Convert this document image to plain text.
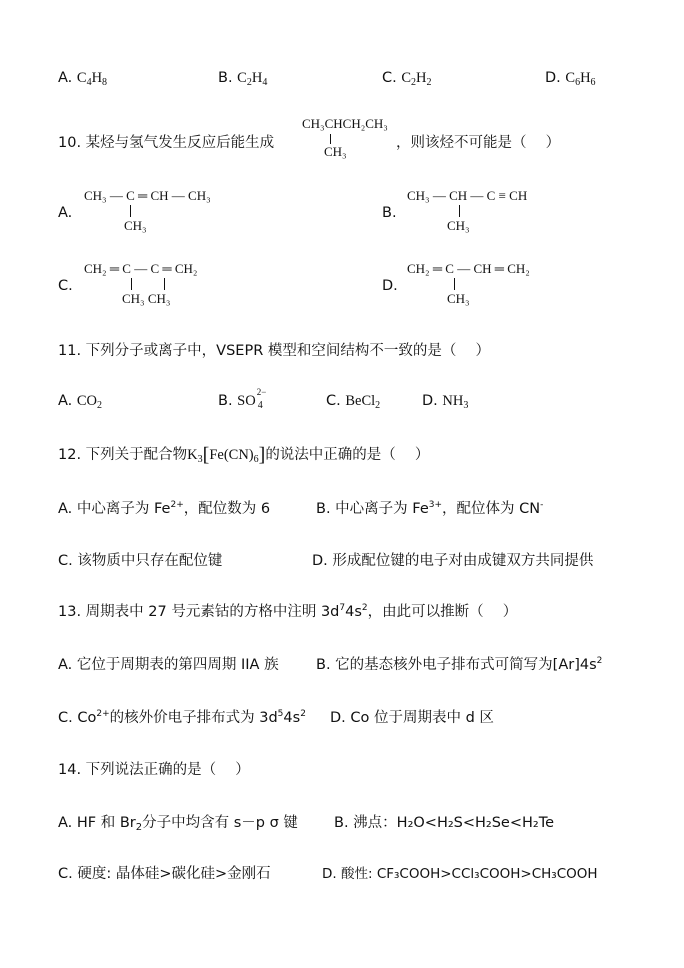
A. $C_4H_8$	B. $C_2H_4$	C. $C_2H_2$	D. $C_6H_6$
10. 某烃与氢气发生反应后能生成
CH₃CHCH₂CH₃
CH₃
，则该烃不可能是（　 ）
A.
CH₃ — C ═ CH — CH₃
CH₃
B.
CH₃ — CH — C ≡ CH
CH₃
C.
CH₂ ═ C — C ═ CH₂
CH₃ CH₃
D.
CH₂ ═ C — CH ═ CH₂
CH₃
11. 下列分子或离子中，VSEPR 模型和空间结构不一致的是（　 ）
A. $CO_2$	B. SO
2−
4	C. BeCl$_2$	D. $NH_3$
12. 下列关于配合物$K_3[Fe(CN)_6]$的说法中正确的是（　 ）
A. 中心离子为 $Fe^{2+}$，配位数为 6	B. 中心离子为 $Fe^{3+}$，配位体为 CN-
C. 该物质中只存在配位键	D. 形成配位键的电子对由成键双方共同提供
13. 周期表中 27 号元素钴的方格中注明 $3d^74s^2$，由此可以推断（　 ）
A. 它位于周期表的第四周期 IIA 族	B. 它的基态核外电子排布式可简写为$[Ar]4s^2$
C. $Co^{2+}$的核外价电子排布式为 $3d^54s^2$ D. Co 位于周期表中 d 区
14. 下列说法正确的是（　 ）
A. HF 和 $Br_2$分子中均含有 s－p σ 键 B. 沸点：H₂O<H₂S<H₂Se<H₂Te
C. 硬度: 晶体硅>碳化硅>金刚石	D. 酸性: CF₃COOH>CCl₃COOH>CH₃COOH
